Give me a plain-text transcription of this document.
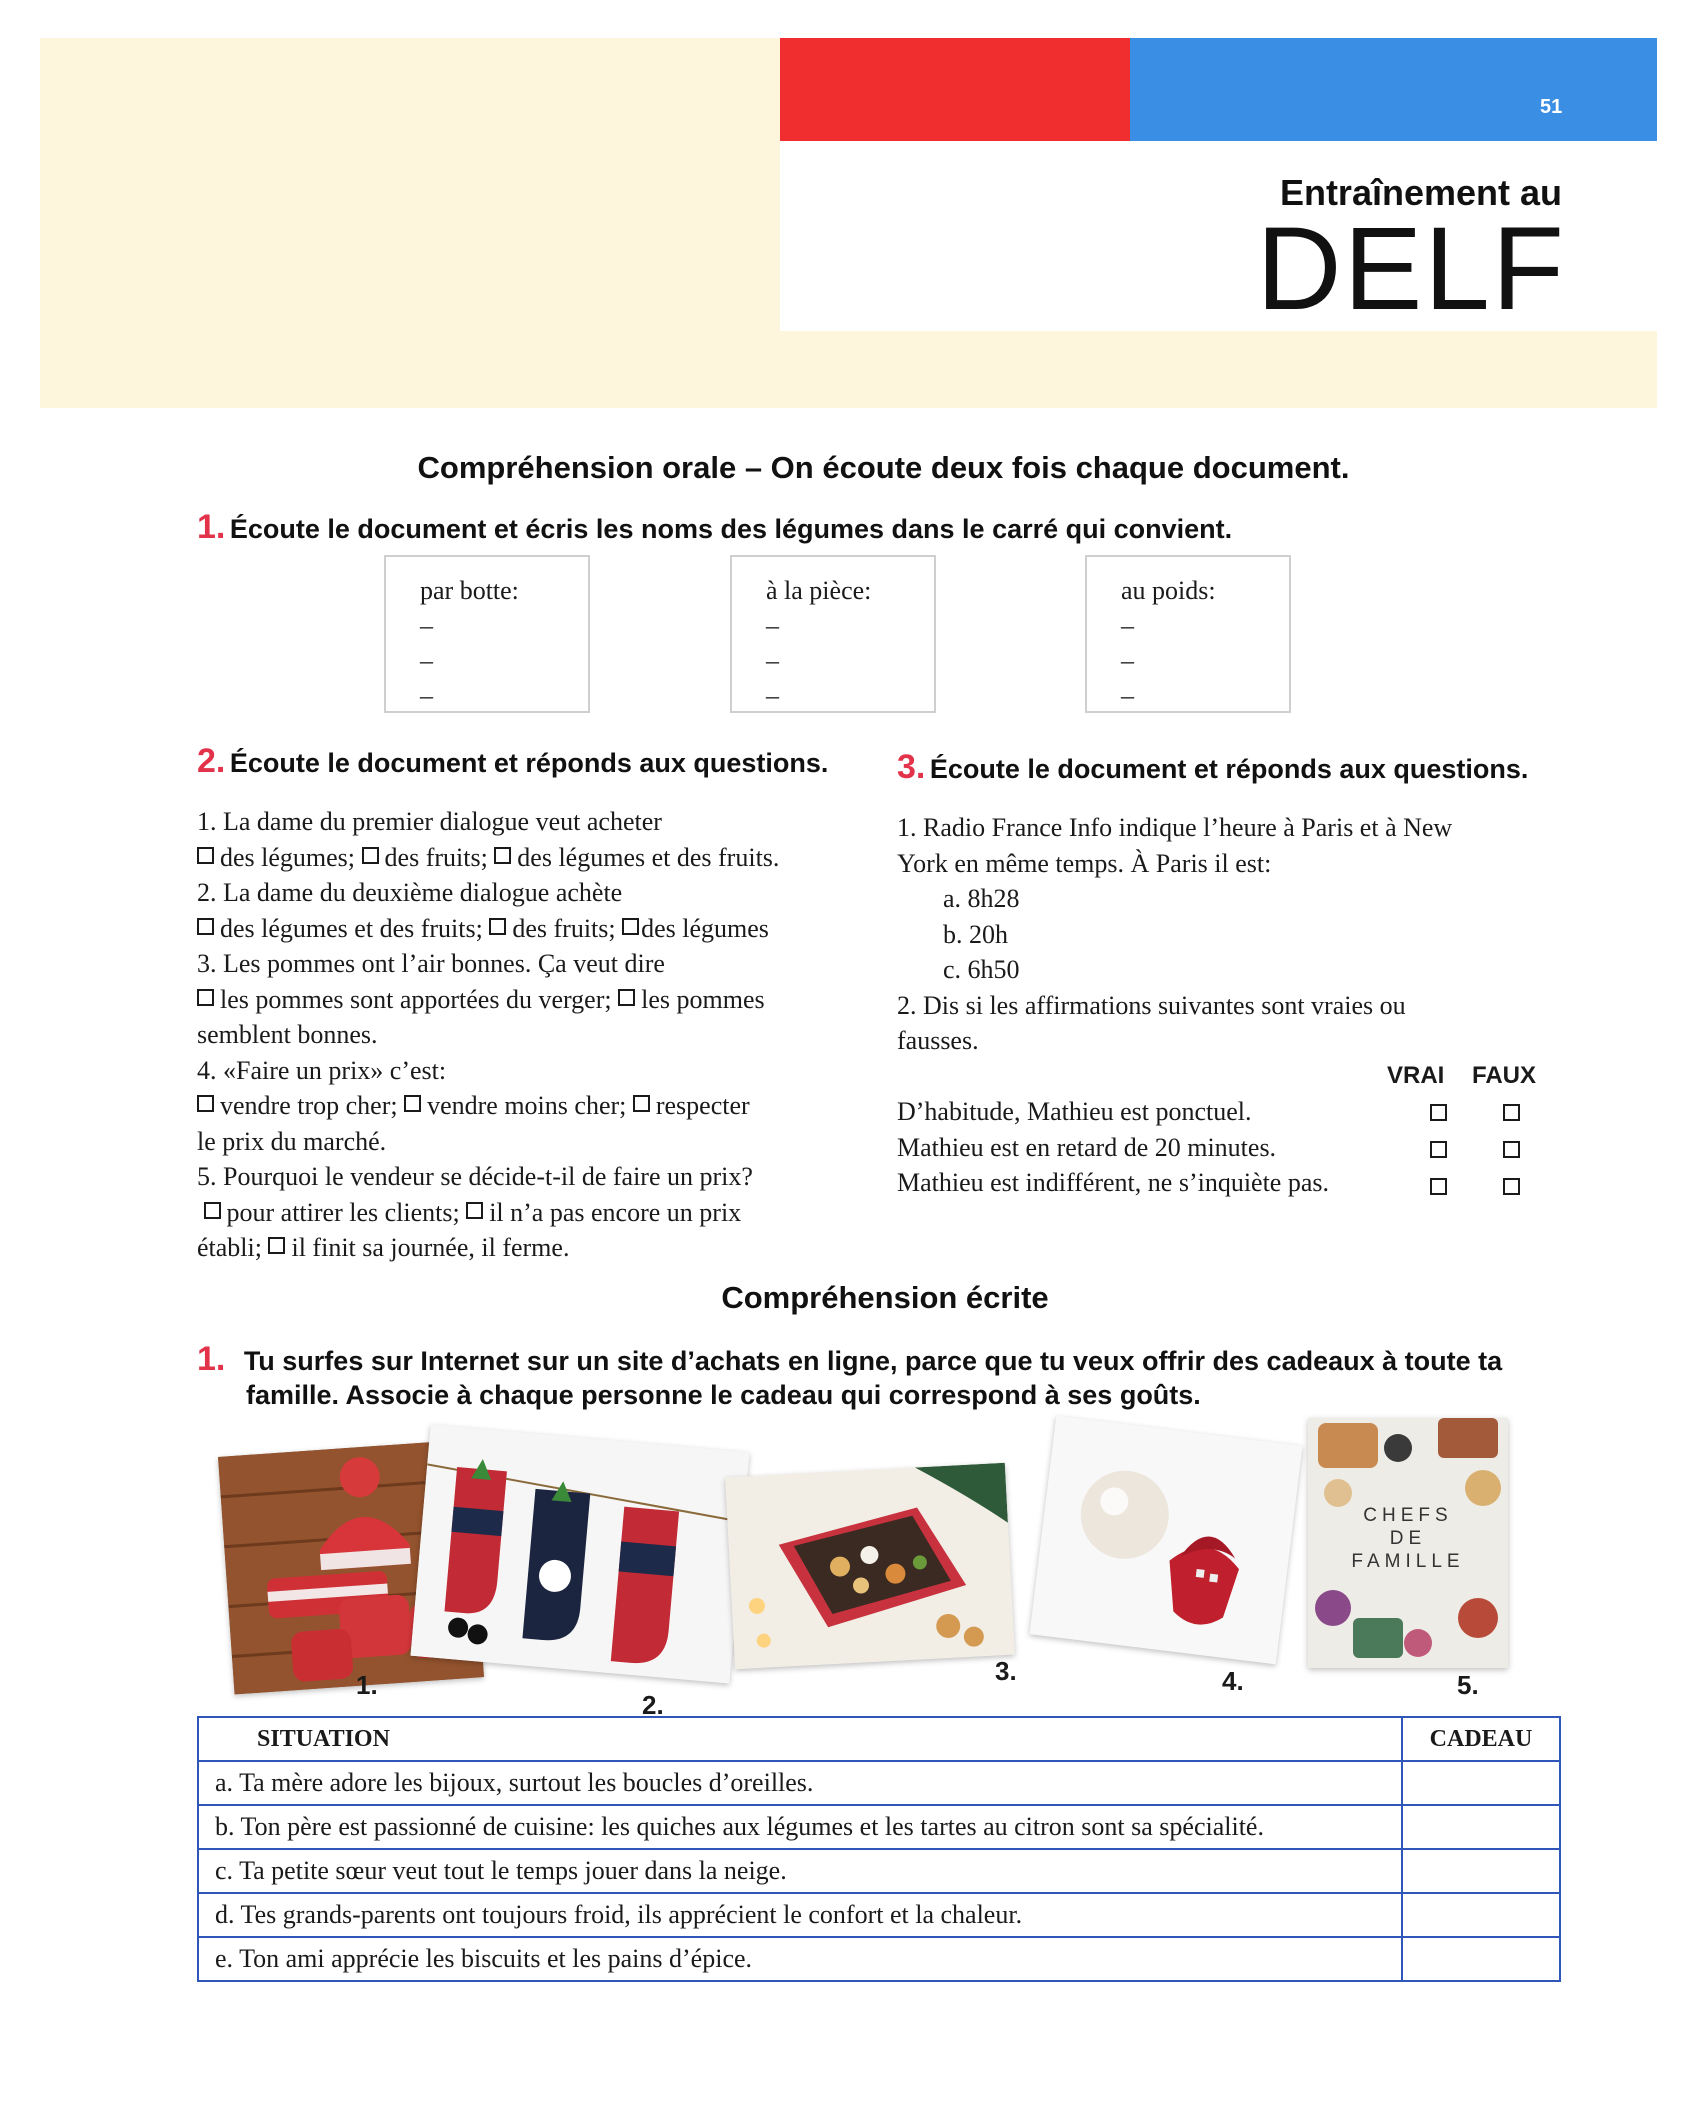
51
Entraînement au
DELF
Compréhension orale – On écoute deux fois chaque document.
1. Écoute le document et écris les noms des légumes dans le carré qui convient.
par botte:
–
–
–
à la pièce:
–
–
–
au poids:
–
–
–
2. Écoute le document et réponds aux questions.
1. La dame du premier dialogue veut acheter
des légumes; des fruits; des légumes et des fruits.
2. La dame du deuxième dialogue achète
des légumes et des fruits; des fruits; des légumes
3. Les pommes ont l’air bonnes. Ça veut dire
les pommes sont apportées du verger; les pommes
semblent bonnes.
4. «Faire un prix» c’est:
vendre trop cher; vendre moins cher; respecter
le prix du marché.
5. Pourquoi le vendeur se décide-t-il de faire un prix?
pour attirer les clients; il n’a pas encore un prix
établi; il finit sa journée, il ferme.
3. Écoute le document et réponds aux questions.
1. Radio France Info indique l’heure à Paris et à New
York en même temps. À Paris il est:
a. 8h28
b. 20h
c. 6h50
2. Dis si les affirmations suivantes sont vraies ou
fausses.
VRAI FAUX
D’habitude, Mathieu est ponctuel.
Mathieu est en retard de 20 minutes.
Mathieu est indifférent, ne s’inquiète pas.
Compréhension écrite
1. Tu surfes sur Internet sur un site d’achats en ligne, parce que tu veux offrir des cadeaux à toute ta
famille. Associe à chaque personne le cadeau qui correspond à ses goûts.
1.
2.
3.	4.
CHEFS
DE
FAMILLE
5.
SITUATION	CADEAU
a. Ta mère adore les bijoux, surtout les boucles d’oreilles.	
b. Ton père est passionné de cuisine: les quiches aux légumes et les tartes au citron sont sa spécialité.	
c. Ta petite sœur veut tout le temps jouer dans la neige.	
d. Tes grands-parents ont toujours froid, ils apprécient le confort et la chaleur.	
e. Ton ami apprécie les biscuits et les pains d’épice.	
